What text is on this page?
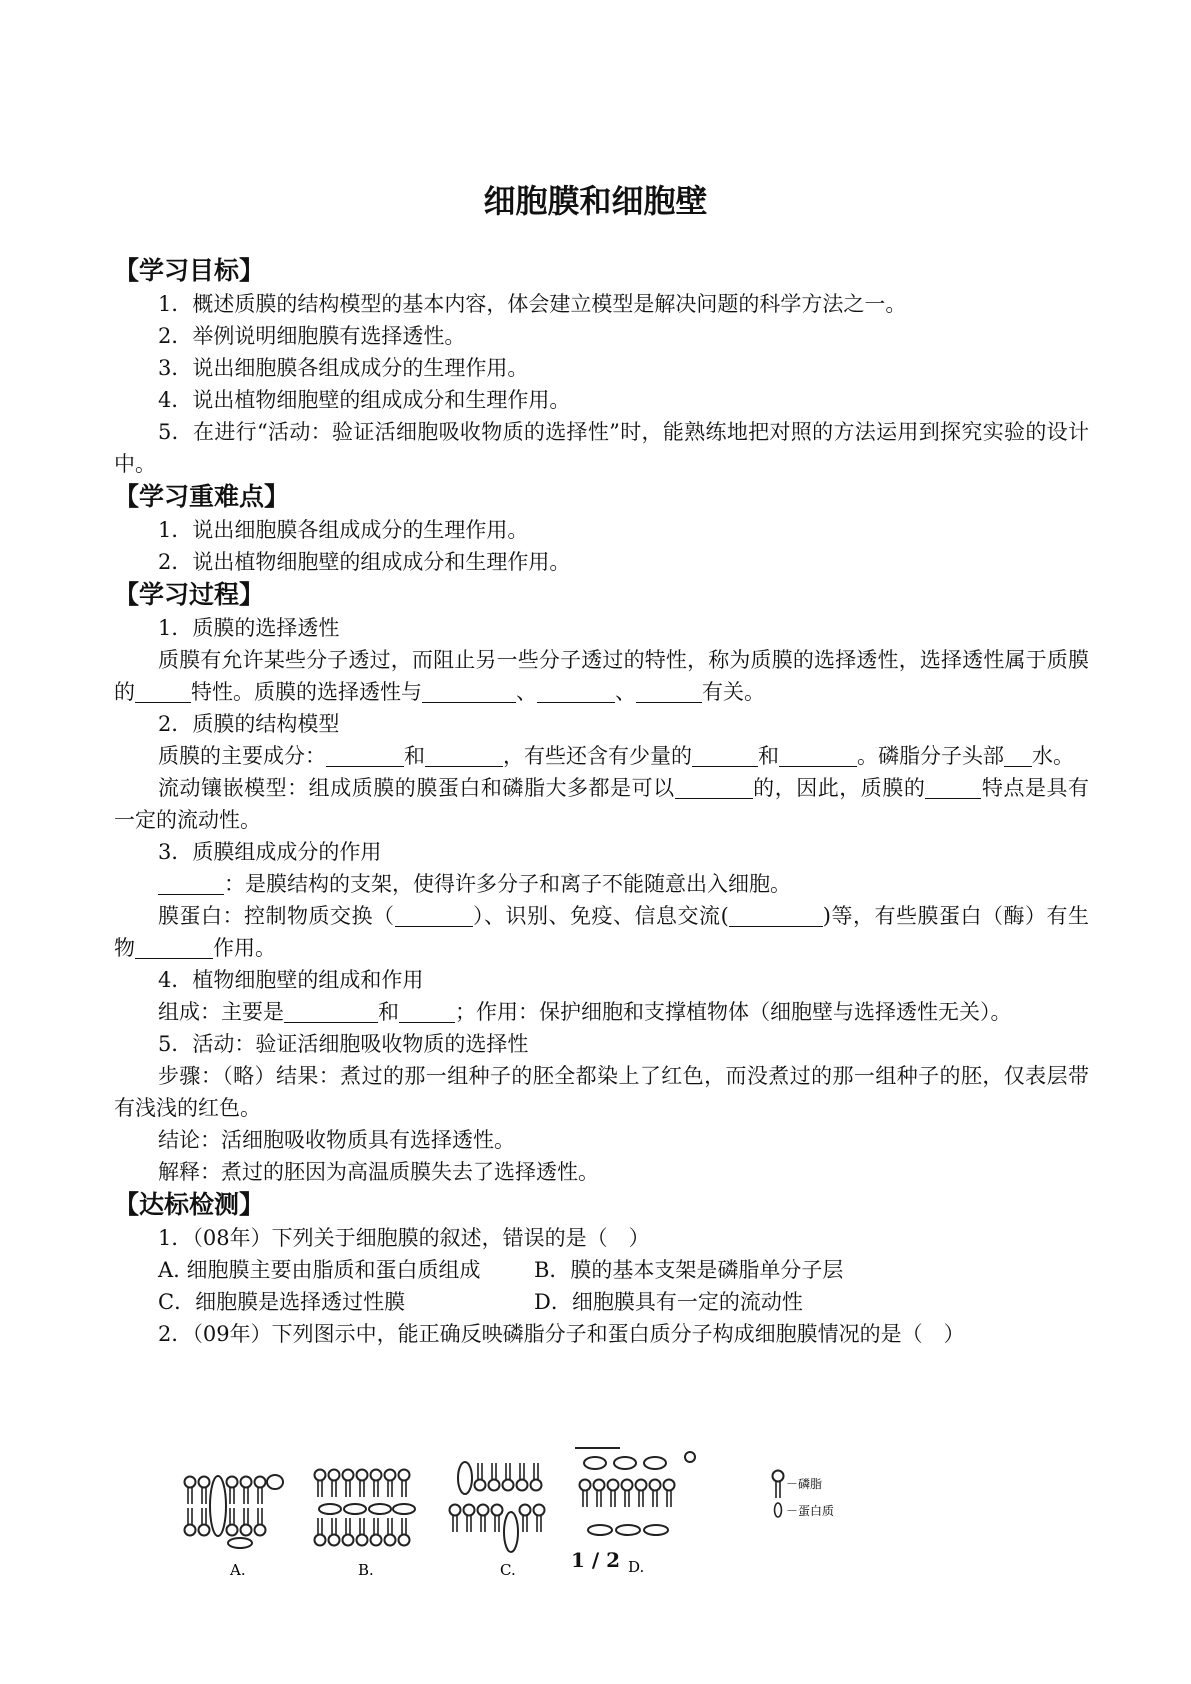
细胞膜和细胞壁
【学习目标】
1．概述质膜的结构模型的基本内容，体会建立模型是解决问题的科学方法之一。
2．举例说明细胞膜有选择透性。
3．说出细胞膜各组成成分的生理作用。
4．说出植物细胞壁的组成成分和生理作用。
5．在进行“活动：验证活细胞吸收物质的选择性”时，能熟练地把对照的方法运用到探究实验的设计中。
【学习重难点】
1．说出细胞膜各组成成分的生理作用。
2．说出植物细胞壁的组成成分和生理作用。
【学习过程】
1．质膜的选择透性
质膜有允许某些分子透过，而阻止另一些分子透过的特性，称为质膜的选择透性，选择透性属于质膜的	特性。质膜的选择透性与	、	、	有关。
2．质膜的结构模型
质膜的主要成分：	和	，有些还含有少量的	和	。磷脂分子头部 水。
流动镶嵌模型：组成质膜的膜蛋白和磷脂大多都是可以	的，因此，质膜的	特点是具有一定的流动性。
3．质膜组成成分的作用
：是膜结构的支架，使得许多分子和离子不能随意出入细胞。
膜蛋白：控制物质交换（	）、识别、免疫、信息交流(	)等，有些膜蛋白（酶）有生物	作用。
4．植物细胞壁的组成和作用
组成：主要是	和	；作用：保护细胞和支撑植物体（细胞壁与选择透性无关）。
5．活动：验证活细胞吸收物质的选择性
步骤：（略）结果：煮过的那一组种子的胚全都染上了红色，而没煮过的那一组种子的胚，仅表层带有浅浅的红色。
结论：活细胞吸收物质具有选择透性。
解释：煮过的胚因为高温质膜失去了选择透性。
【达标检测】
1．（08年）下列关于细胞膜的叙述，错误的是（　）
A. 细胞膜主要由脂质和蛋白质组成	B．膜的基本支架是磷脂单分子层
C．细胞膜是选择透过性膜	D．细胞膜具有一定的流动性
2．（09年）下列图示中，能正确反映磷脂分子和蛋白质分子构成细胞膜情况的是（　）
A.	B.	C.	D.
－磷脂
－蛋白质
1 / 2
